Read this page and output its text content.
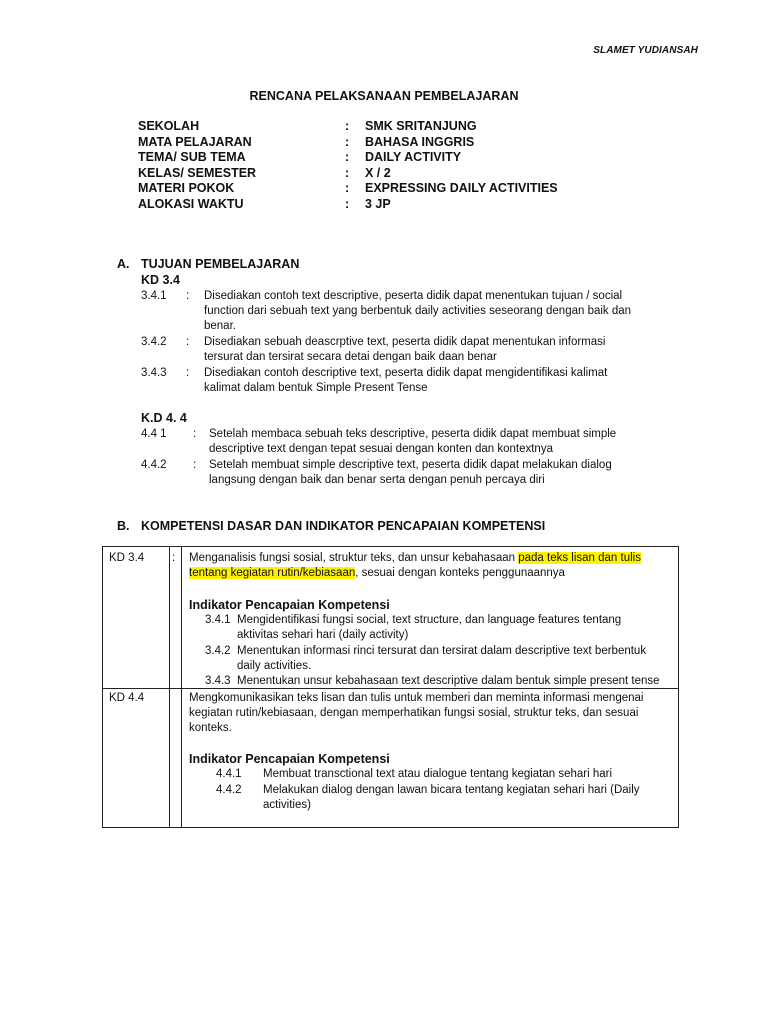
SLAMET YUDIANSAH
RENCANA PELAKSANAAN PEMBELAJARAN
SEKOLAH	: SMK SRITANJUNG
MATA PELAJARAN	: BAHASA INGGRIS
TEMA/ SUB TEMA	: DAILY ACTIVITY
KELAS/ SEMESTER	: X / 2
MATERI POKOK	: EXPRESSING DAILY ACTIVITIES
ALOKASI WAKTU	: 3 JP
A. TUJUAN PEMBELAJARAN
KD 3.4
3.4.1 : Disediakan contoh text descriptive, peserta didik dapat menentukan tujuan / social function dari sebuah text yang berbentuk daily activities seseorang dengan baik dan benar.
3.4.2 : Disediakan sebuah deascrptive text, peserta didik dapat menentukan informasi tersurat dan tersirat secara detai dengan baik daan benar
3.4.3 : Disediakan contoh descriptive text, peserta didik dapat mengidentifikasi kalimat kalimat dalam bentuk Simple Present Tense
K.D 4. 4
4.4 1 : Setelah membaca sebuah teks descriptive, peserta didik dapat membuat simple descriptive text dengan tepat sesuai dengan konten dan kontextnya
4.4.2 : Setelah membuat simple descriptive text, peserta didik dapat melakukan dialog langsung dengan baik dan benar serta dengan penuh percaya diri
B. KOMPETENSI DASAR DAN INDIKATOR PENCAPAIAN KOMPETENSI
KD 3.4 : Menganalisis fungsi sosial, struktur teks, dan unsur kebahasaan pada teks lisan dan tulis tentang kegiatan rutin/kebiasaan, sesuai dengan konteks penggunaannya
Indikator Pencapaian Kompetensi
3.4.1 Mengidentifikasi fungsi social, text structure, dan language features tentang aktivitas sehari hari (daily activity)
3.4.2 Menentukan informasi rinci tersurat dan tersirat dalam descriptive text berbentuk daily activities.
3.4.3 Menentukan unsur kebahasaan text descriptive dalam bentuk simple present tense
KD 4.4	Mengkomunikasikan teks lisan dan tulis untuk memberi dan meminta informasi mengenai kegiatan rutin/kebiasaan, dengan memperhatikan fungsi sosial, struktur teks, dan sesuai konteks.
Indikator Pencapaian Kompetensi
4.4.1 Membuat transctional text atau dialogue tentang kegiatan sehari hari
4.4.2 Melakukan dialog dengan lawan bicara tentang kegiatan sehari hari (Daily activities)
